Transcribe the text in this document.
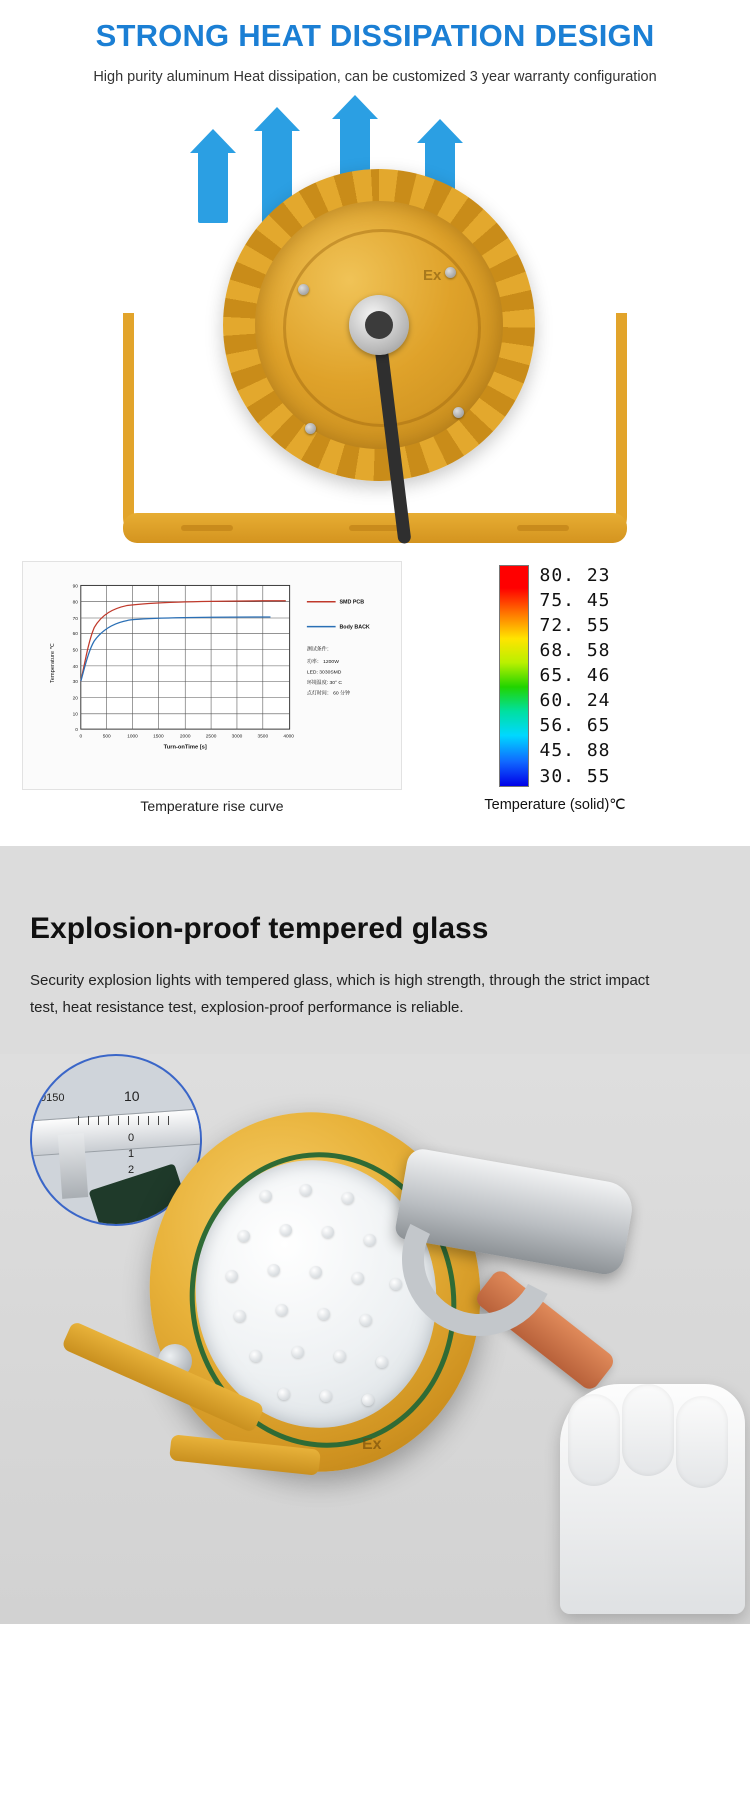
STRONG HEAT DISSIPATION DESIGN

High purity aluminum Heat dissipation, can be customized 3 year warranty configuration

Ex
90
80
70
60
50
40
30
20
10
0
0	500	1000	1500	2000	2500	3000	3500	4000
Turn-onTime [s]
Temperature ℃
SMD PCB
Body BACK
测试条件：
功率： 1200W
LED: 3030SMD
环境温度: 30° C
点灯时间： 60 分钟
Temperature rise curve
80. 23
75. 45
72. 55
68. 58
65. 46
60. 24
56. 65
45. 88
30. 55
Temperature (solid)℃
Explosion-proof tempered glass

Security explosion lights with tempered glass, which is high strength, through the strict impact test, heat resistance test, explosion-proof performance is reliable.

0150	10
0
1
2
Ex
